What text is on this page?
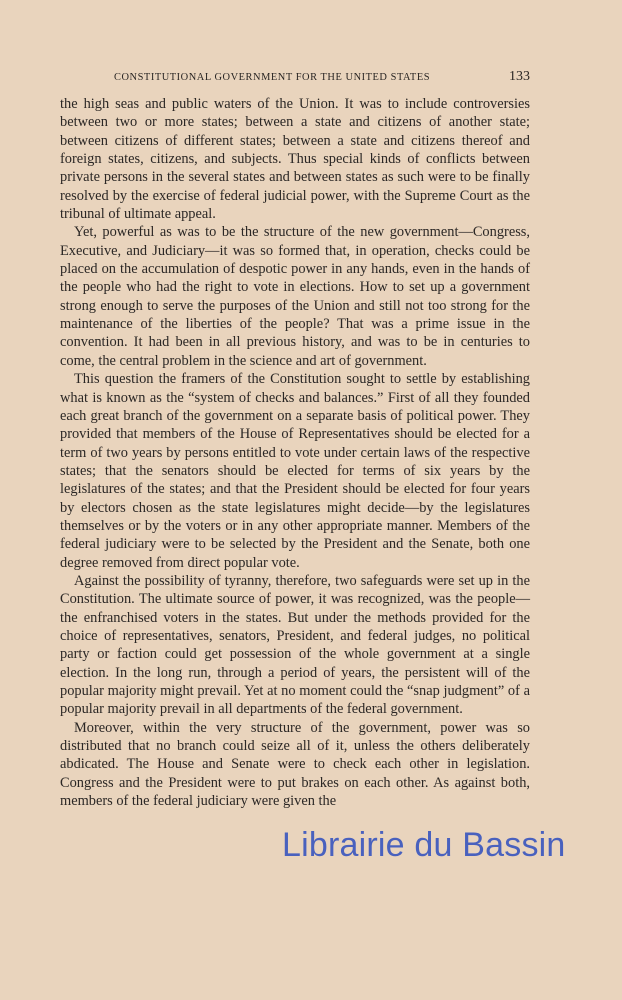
CONSTITUTIONAL GOVERNMENT FOR THE UNITED STATES	133

the high seas and public waters of the Union. It was to include controversies between two or more states; between a state and citizens of another state; between citizens of different states; between a state and citizens thereof and foreign states, citizens, and subjects. Thus special kinds of conflicts between private persons in the several states and between states as such were to be finally resolved by the exercise of federal judicial power, with the Supreme Court as the tribunal of ultimate appeal.

Yet, powerful as was to be the structure of the new government—Congress, Executive, and Judiciary—it was so formed that, in operation, checks could be placed on the accumulation of despotic power in any hands, even in the hands of the people who had the right to vote in elections. How to set up a government strong enough to serve the purposes of the Union and still not too strong for the maintenance of the liberties of the people? That was a prime issue in the convention. It had been in all previous history, and was to be in centuries to come, the central problem in the science and art of government.

This question the framers of the Constitution sought to settle by establishing what is known as the “system of checks and balances.” First of all they founded each great branch of the government on a separate basis of political power. They provided that members of the House of Representatives should be elected for a term of two years by persons entitled to vote under certain laws of the respective states; that the senators should be elected for terms of six years by the legislatures of the states; and that the President should be elected for four years by electors chosen as the state legislatures might decide—by the legislatures themselves or by the voters or in any other appropriate manner. Members of the federal judiciary were to be selected by the President and the Senate, both one degree removed from direct popular vote.

Against the possibility of tyranny, therefore, two safeguards were set up in the Constitution. The ultimate source of power, it was recognized, was the people—the enfranchised voters in the states. But under the methods provided for the choice of representatives, senators, President, and federal judges, no political party or faction could get possession of the whole government at a single election. In the long run, through a period of years, the persistent will of the popular majority might prevail. Yet at no moment could the “snap judgment” of a popular majority prevail in all departments of the federal government.

Moreover, within the very structure of the government, power was so distributed that no branch could seize all of it, unless the others deliberately abdicated. The House and Senate were to check each other in legislation. Congress and the President were to put brakes on each other. As against both, members of the federal judiciary were given the

Librairie du Bassin
